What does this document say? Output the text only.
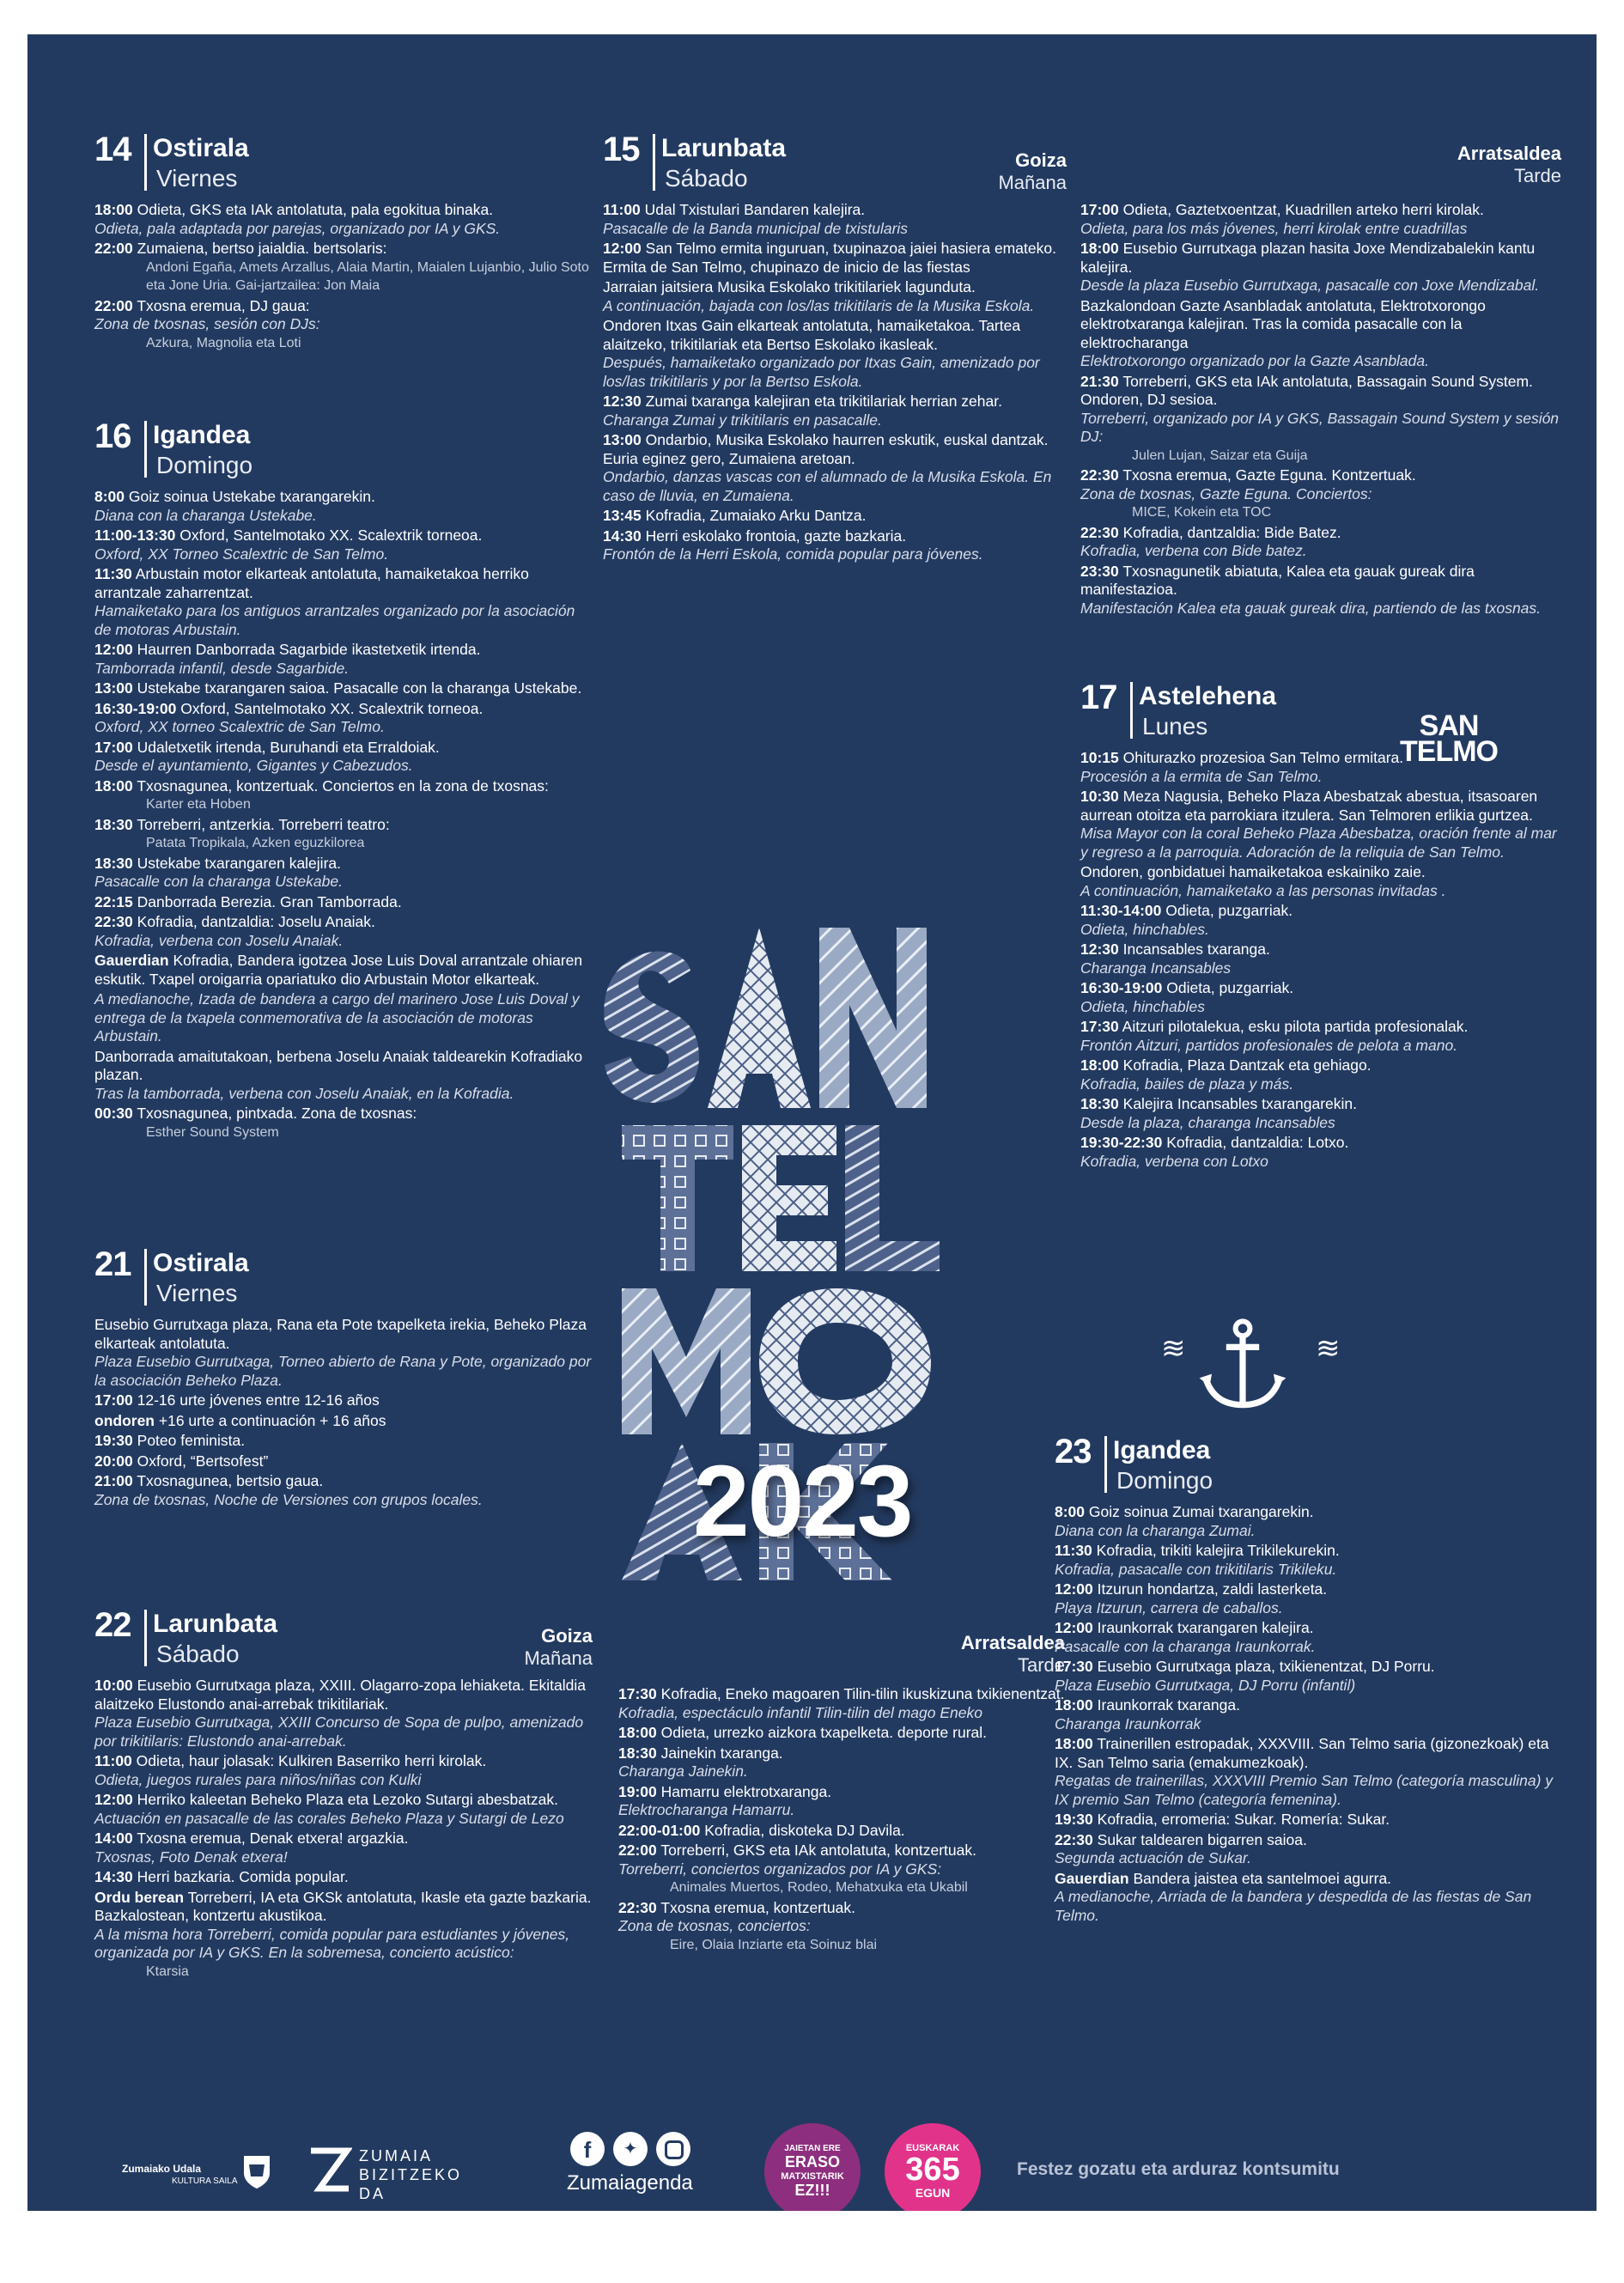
14 Ostirala
Viernes
18:00 Odieta, GKS eta IAk antolatuta, pala egokitua binaka.
Odieta, pala adaptada por parejas, organizado por IA y GKS.
22:00 Zumaiena, bertso jaialdia. bertsolaris:
Andoni Egaña, Amets Arzallus, Alaia Martin, Maialen Lujanbio, Julio Soto eta Jone Uria. Gai-jartzailea: Jon Maia
22:00 Txosna eremua, DJ gaua:
Zona de txosnas, sesión con DJs:
Azkura, Magnolia eta Loti
16 Igandea
Domingo
8:00 Goiz soinua Ustekabe txarangarekin.
Diana con la charanga Ustekabe.
11:00-13:30 Oxford, Santelmotako XX. Scalextrik torneoa.
Oxford, XX Torneo Scalextric de San Telmo.
11:30 Arbustain motor elkarteak antolatuta, hamaiketakoa herriko arrantzale zaharrentzat.
Hamaiketako para los antiguos arrantzales organizado por la asociación de motoras Arbustain.
12:00 Haurren Danborrada Sagarbide ikastetxetik irtenda.
Tamborrada infantil, desde Sagarbide.
13:00 Ustekabe txarangaren saioa. Pasacalle con la charanga Ustekabe.
16:30-19:00 Oxford, Santelmotako XX. Scalextrik torneoa.
Oxford, XX torneo Scalextric de San Telmo.
17:00 Udaletxetik irtenda, Buruhandi eta Erraldoiak.
Desde el ayuntamiento, Gigantes y Cabezudos.
18:00 Txosnagunea, kontzertuak. Conciertos en la zona de txosnas:
Karter eta Hoben
18:30 Torreberri, antzerkia. Torreberri teatro:
Patata Tropikala, Azken eguzkilorea
18:30 Ustekabe txarangaren kalejira.
Pasacalle con la charanga Ustekabe.
22:15 Danborrada Berezia. Gran Tamborrada.
22:30 Kofradia, dantzaldia: Joselu Anaiak.
Kofradia, verbena con Joselu Anaiak.
Gauerdian Kofradia, Bandera igotzea Jose Luis Doval arrantzale ohiaren eskutik. Txapel oroigarria opariatuko dio Arbustain Motor elkarteak.
A medianoche, Izada de bandera a cargo del marinero Jose Luis Doval y entrega de la txapela conmemorativa de la asociación de motoras Arbustain.
Danborrada amaitutakoan, berbena Joselu Anaiak taldearekin Kofradiako plazan.
Tras la tamborrada, verbena con Joselu Anaiak, en la Kofradia.
00:30 Txosnagunea, pintxada. Zona de txosnas:
Esther Sound System
21 Ostirala
Viernes
Eusebio Gurrutxaga plaza, Rana eta Pote txapelketa irekia, Beheko Plaza elkarteak antolatuta.
Plaza Eusebio Gurrutxaga, Torneo abierto de Rana y Pote, organizado por la asociación Beheko Plaza.
17:00 12-16 urte jóvenes entre 12-16 años
ondoren +16 urte a continuación + 16 años
19:30 Poteo feminista.
20:00 Oxford, “Bertsofest”
21:00 Txosnagunea, bertsio gaua.
Zona de txosnas, Noche de Versiones con grupos locales.
22 Larunbata
Sábado
Goiza
Mañana
10:00 Eusebio Gurrutxaga plaza, XXIII. Olagarro-zopa lehiaketa. Ekitaldia alaitzeko Elustondo anai-arrebak trikitilariak.
Plaza Eusebio Gurrutxaga, XXIII Concurso de Sopa de pulpo, amenizado por trikitilaris: Elustondo anai-arrebak.
11:00 Odieta, haur jolasak: Kulkiren Baserriko herri kirolak.
Odieta, juegos rurales para niños/niñas con Kulki
12:00 Herriko kaleetan Beheko Plaza eta Lezoko Sutargi abesbatzak.
Actuación en pasacalle de las corales Beheko Plaza y Sutargi de Lezo
14:00 Txosna eremua, Denak etxera! argazkia.
Txosnas, Foto Denak etxera!
14:30 Herri bazkaria. Comida popular.
Ordu berean Torreberri, IA eta GKSk antolatuta, Ikasle eta gazte bazkaria. Bazkalostean, kontzertu akustikoa.
A la misma hora Torreberri, comida popular para estudiantes y jóvenes, organizada por IA y GKS. En la sobremesa, concierto acústico:
Ktarsia
Arratsaldea
Tarde
17:30 Kofradia, Eneko magoaren Tilin-tilin ikuskizuna txikienentzat.
Kofradia, espectáculo infantil Tilin-tilin del mago Eneko
18:00 Odieta, urrezko aizkora txapelketa. deporte rural.
18:30 Jainekin txaranga.
Charanga Jainekin.
19:00 Hamarru elektrotxaranga.
Elektrocharanga Hamarru.
22:00-01:00 Kofradia, diskoteka DJ Davila.
22:00 Torreberri, GKS eta IAk antolatuta, kontzertuak.
Torreberri, conciertos organizados por IA y GKS:
Animales Muertos, Rodeo, Mehatxuka eta Ukabil
22:30 Txosna eremua, kontzertuak.
Zona de txosnas, conciertos:
Eire, Olaia Inziarte eta Soinuz blai
15 Larunbata
Sábado
Goiza
Mañana
11:00 Udal Txistulari Bandaren kalejira.
Pasacalle de la Banda municipal de txistularis
12:00 San Telmo ermita inguruan, txupinazoa jaiei hasiera emateko. Ermita de San Telmo, chupinazo de inicio de las fiestas
Jarraian jaitsiera Musika Eskolako trikitilariek lagunduta.
A continuación, bajada con los/las trikitilaris de la Musika Eskola.
Ondoren Itxas Gain elkarteak antolatuta, hamaiketakoa. Tartea alaitzeko, trikitilariak eta Bertso Eskolako ikasleak.
Después, hamaiketako organizado por Itxas Gain, amenizado por los/las trikitilaris y por la Bertso Eskola.
12:30 Zumai txaranga kalejiran eta trikitilariak herrian zehar.
Charanga Zumai y trikitilaris en pasacalle.
13:00 Ondarbio, Musika Eskolako haurren eskutik, euskal dantzak. Euria eginez gero, Zumaiena aretoan.
Ondarbio, danzas vascas con el alumnado de la Musika Eskola. En caso de lluvia, en Zumaiena.
13:45 Kofradia, Zumaiako Arku Dantza.
14:30 Herri eskolako frontoia, gazte bazkaria.
Frontón de la Herri Eskola, comida popular para jóvenes.
Arratsaldea
Tarde
17:00 Odieta, Gaztetxoentzat, Kuadrillen arteko herri kirolak.
Odieta, para los más jóvenes, herri kirolak entre cuadrillas
18:00 Eusebio Gurrutxaga plazan hasita Joxe Mendizabalekin kantu kalejira.
Desde la plaza Eusebio Gurrutxaga, pasacalle con Joxe Mendizabal.
Bazkalondoan Gazte Asanbladak antolatuta, Elektrotxorongo elektrotxaranga kalejiran. Tras la comida pasacalle con la elektrocharanga
Elektrotxorongo organizado por la Gazte Asanblada.
21:30 Torreberri, GKS eta IAk antolatuta, Bassagain Sound System. Ondoren, DJ sesioa.
Torreberri, organizado por IA y GKS, Bassagain Sound System y sesión DJ:
Julen Lujan, Saizar eta Guija
22:30 Txosna eremua, Gazte Eguna. Kontzertuak.
Zona de txosnas, Gazte Eguna. Conciertos:
MICE, Kokein eta TOC
22:30 Kofradia, dantzaldia: Bide Batez.
Kofradia, verbena con Bide batez.
23:30 Txosnagunetik abiatuta, Kalea eta gauak gureak dira manifestazioa.
Manifestación Kalea eta gauak gureak dira, partiendo de las txosnas.
17 Astelehena
Lunes
10:15 Ohiturazko prozesioa San Telmo ermitara.
Procesión a la ermita de San Telmo.
10:30 Meza Nagusia, Beheko Plaza Abesbatzak abestua, itsasoaren aurrean otoitza eta parrokiara itzulera. San Telmoren erlikia gurtzea.
Misa Mayor con la coral Beheko Plaza Abesbatza, oración frente al mar y regreso a la parroquia. Adoración de la reliquia de San Telmo.
Ondoren, gonbidatuei hamaiketakoa eskainiko zaie.
A continuación, hamaiketako a las personas invitadas .
11:30-14:00 Odieta, puzgarriak.
Odieta, hinchables.
12:30 Incansables txaranga.
Charanga Incansables
16:30-19:00 Odieta, puzgarriak.
Odieta, hinchables
17:30 Aitzuri pilotalekua, esku pilota partida profesionalak.
Frontón Aitzuri, partidos profesionales de pelota a mano.
18:00 Kofradia, Plaza Dantzak eta gehiago.
Kofradia, bailes de plaza y más.
18:30 Kalejira Incansables txarangarekin.
Desde la plaza, charanga Incansables
19:30-22:30 Kofradia, dantzaldia: Lotxo.
Kofradia, verbena con Lotxo
SAN
TELMO
≋	≋
23 Igandea
Domingo
8:00 Goiz soinua Zumai txarangarekin.
Diana con la charanga Zumai.
11:30 Kofradia, trikiti kalejira Trikilekurekin.
Kofradia, pasacalle con trikitilaris Trikileku.
12:00 Itzurun hondartza, zaldi lasterketa.
Playa Itzurun, carrera de caballos.
12:00 Iraunkorrak txarangaren kalejira.
Pasacalle con la charanga Iraunkorrak.
17:30 Eusebio Gurrutxaga plaza, txikienentzat, DJ Porru.
Plaza Eusebio Gurrutxaga, DJ Porru (infantil)
18:00 Iraunkorrak txaranga.
Charanga Iraunkorrak
18:00 Trainerillen estropadak, XXXVIII. San Telmo saria (gizonezkoak) eta IX. San Telmo saria (emakumezkoak).
Regatas de trainerillas, XXXVIII Premio San Telmo (categoría masculina) y IX premio San Telmo (categoría femenina).
19:30 Kofradia, erromeria: Sukar. Romería: Sukar.
22:30 Sukar taldearen bigarren saioa.
Segunda actuación de Sukar.
Gauerdian Bandera jaistea eta santelmoei agurra.
A medianoche, Arriada de la bandera y despedida de las fiestas de San Telmo.
2023
Zumaiako Udala
KULTURA SAILA
ZUMAIA
BIZITZEKO
DA
f	✦
Zumaiagenda
JAIETAN ERE
ERASO
MATXISTARIK
EZ!!!
EUSKARAK
365
EGUN
Festez gozatu eta arduraz kontsumitu
